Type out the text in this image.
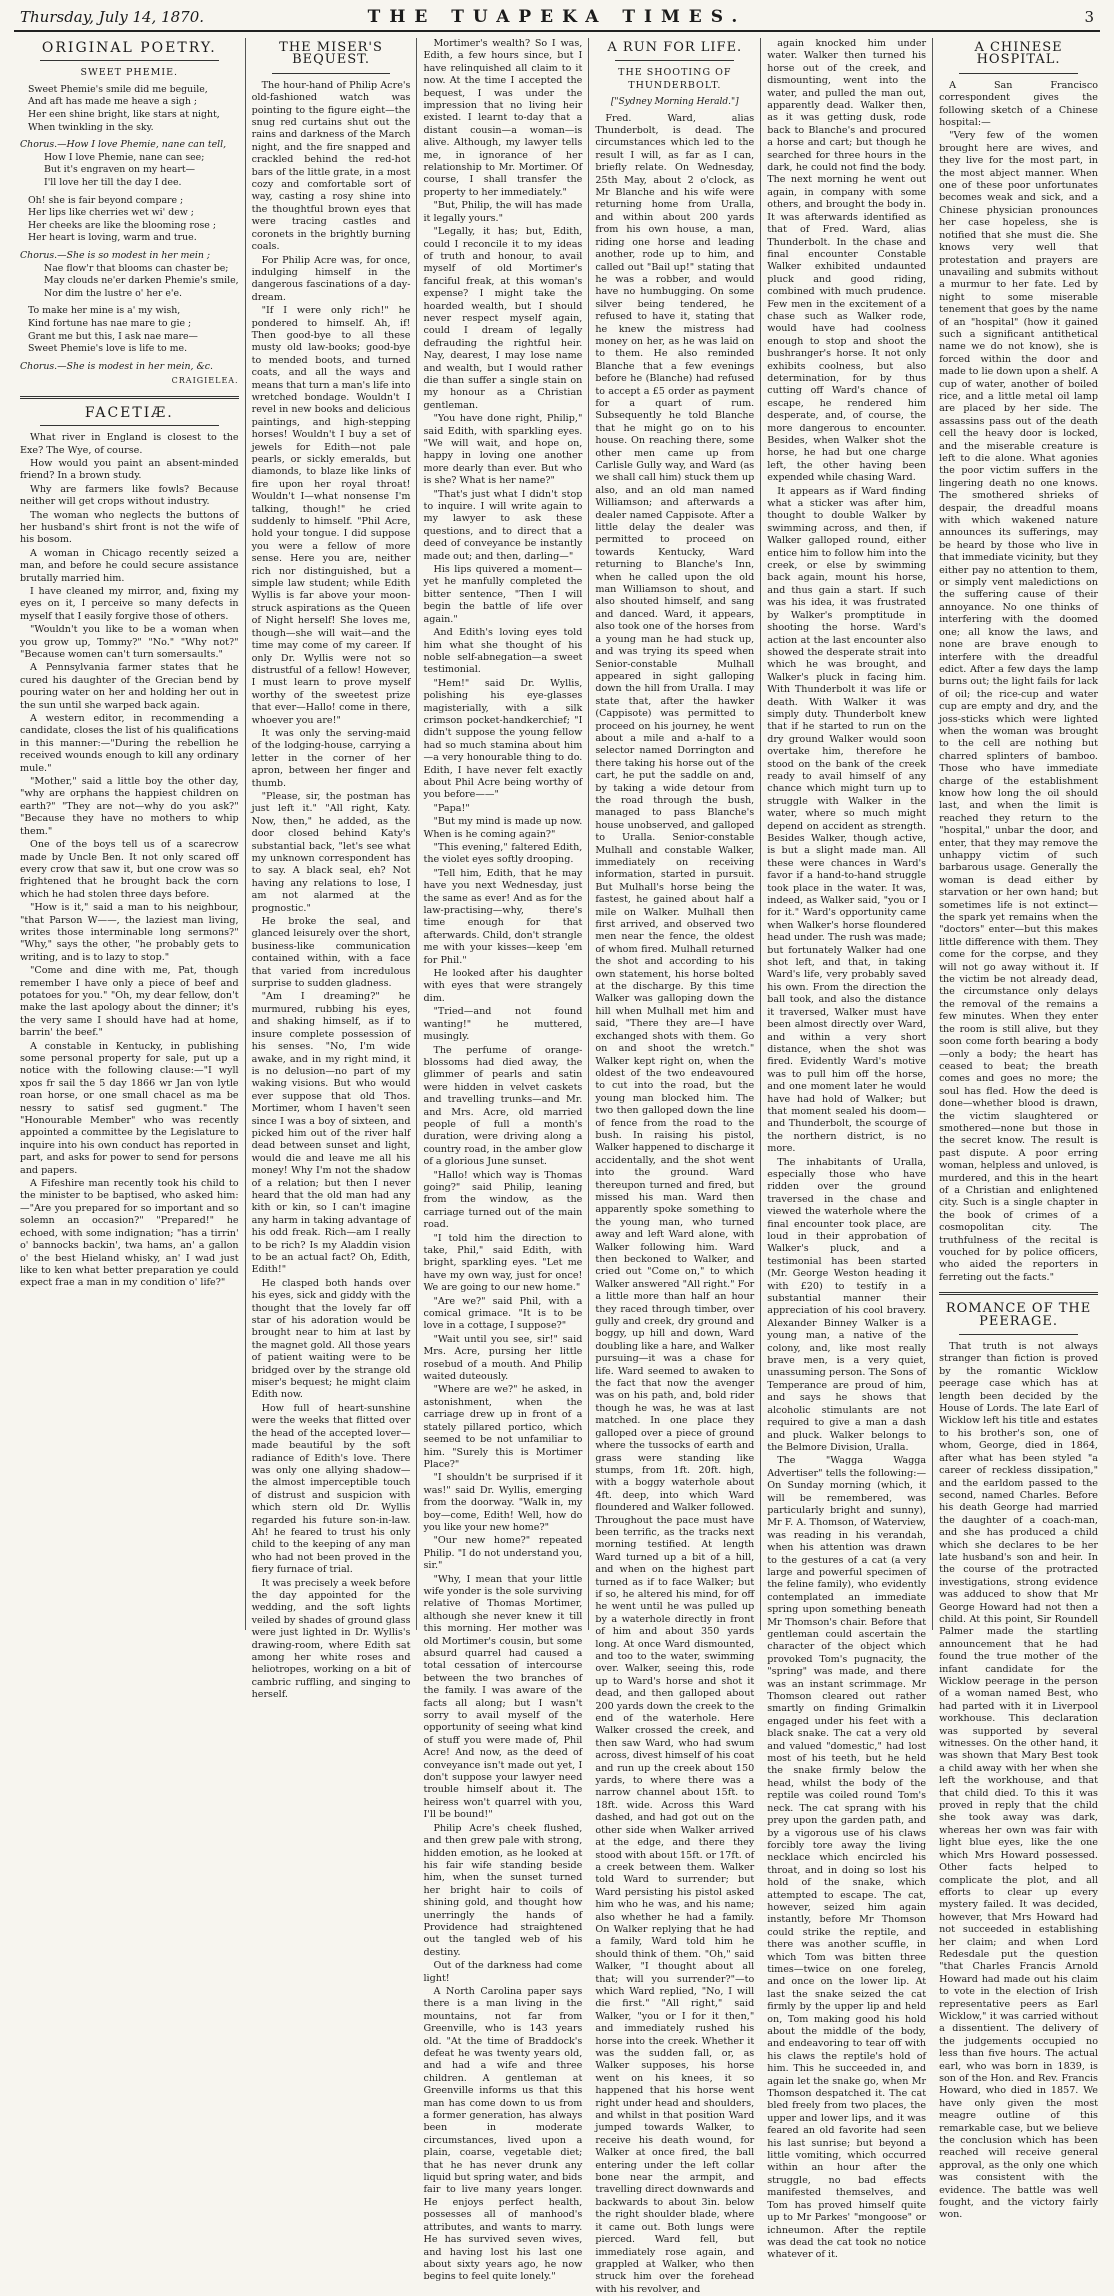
Thursday, July 14, 1870.	THE TUAPEKA TIMES.	3
ORIGINAL POETRY.
SWEET PHEMIE.
Sweet Phemie's smile did me beguile,
And aft has made me heave a sigh ;
Her een shine bright, like stars at night,
When twinkling in the sky.
Chorus.—How I love Phemie, nane can tell,
How I love Phemie, nane can see;
But it's engraven on my heart—
I'll love her till the day I dee.
Oh! she is fair beyond compare ;
Her lips like cherries wet wi' dew ;
Her cheeks are like the blooming rose ;
Her heart is loving, warm and true.
Chorus.—She is so modest in her mein ;
Nae flow'r that blooms can chaster be;
May clouds ne'er darken Phemie's smile,
Nor dim the lustre o' her e'e.
To make her mine is a' my wish,
Kind fortune has nae mare to gie ;
Grant me but this, I ask nae mare—
Sweet Phemie's love is life to me.
Chorus.—She is modest in her mein, &c.
CRAIGIELEA.
FACETIÆ.

What river in England is closest to the Exe? The Wye, of course.

How would you paint an absent-minded friend? In a brown study.

Why are farmers like fowls? Because neither will get crops without industry.

The woman who neglects the buttons of her husband's shirt front is not the wife of his bosom.

A woman in Chicago recently seized a man, and before he could secure assistance brutally married him.

I have cleaned my mirror, and, fixing my eyes on it, I perceive so many defects in myself that I easily forgive those of others.

"Wouldn't you like to be a woman when you grow up, Tommy?" "No." "Why not?" "Because women can't turn somersaults."

A Pennsylvania farmer states that he cured his daughter of the Grecian bend by pouring water on her and holding her out in the sun until she warped back again.

A western editor, in recommending a candidate, closes the list of his qualifications in this manner:—"During the rebellion he received wounds enough to kill any ordinary mule."

"Mother," said a little boy the other day, "why are orphans the happiest children on earth?" "They are not—why do you ask?" "Because they have no mothers to whip them."

One of the boys tell us of a scarecrow made by Uncle Ben. It not only scared off every crow that saw it, but one crow was so frightened that he brought back the corn which he had stolen three days before.

"How is it," said a man to his neighbour, "that Parson W——, the laziest man living, writes those interminable long sermons?" "Why," says the other, "he probably gets to writing, and is to lazy to stop."

"Come and dine with me, Pat, though remember I have only a piece of beef and potatoes for you." "Oh, my dear fellow, don't make the last apology about the dinner; it's the very same I should have had at home, barrin' the beef."

A constable in Kentucky, in publishing some personal property for sale, put up a notice with the following clause:—"I wyll xpos fr sail the 5 day 1866 wr Jan von lytle roan horse, or one small chacel as ma be nessry to satisf sed gugment." The "Honourable Member" who was recently appointed a committee by the Legislature to inquire into his own conduct has reported in part, and asks for power to send for persons and papers.

A Fifeshire man recently took his child to the minister to be baptised, who asked him:—"Are you prepared for so important and so solemn an occasion?" "Prepared!" he echoed, with some indignation; "has a tirrin' o' bannocks backin', twa hams, an' a gallon o' the best Hieland whisky, an' I wad just like to ken what better preparation ye could expect frae a man in my condition o' life?"

THE MISER'S BEQUEST.

The hour-hand of Philip Acre's old-fashioned watch was pointing to the figure eight—the snug red curtains shut out the rains and darkness of the March night, and the fire snapped and crackled behind the red-hot bars of the little grate, in a most cozy and comfortable sort of way, casting a rosy shine into the thoughtful brown eyes that were tracing castles and coronets in the brightly burning coals.

For Philip Acre was, for once, indulging himself in the dangerous fascinations of a day-dream.

"If I were only rich!" he pondered to himself. Ah, if! Then good-bye to all these musty old law-books; good-bye to mended boots, and turned coats, and all the ways and means that turn a man's life into wretched bondage. Wouldn't I revel in new books and delicious paintings, and high-stepping horses! Wouldn't I buy a set of jewels for Edith—not pale pearls, or sickly emeralds, but diamonds, to blaze like links of fire upon her royal throat! Wouldn't I—what nonsense I'm talking, though!" he cried suddenly to himself. "Phil Acre, hold your tongue. I did suppose you were a fellow of more sense. Here you are, neither rich nor distinguished, but a simple law student; while Edith Wyllis is far above your moon-struck aspirations as the Queen of Night herself! She loves me, though—she will wait—and the time may come of my career. If only Dr. Wyllis were not so distrustful of a fellow! However, I must learn to prove myself worthy of the sweetest prize that ever—Hallo! come in there, whoever you are!"

It was only the serving-maid of the lodging-house, carrying a letter in the corner of her apron, between her finger and thumb.

"Please, sir, the postman has just left it." "All right, Katy. Now, then," he added, as the door closed behind Katy's substantial back, "let's see what my unknown correspondent has to say. A black seal, eh? Not having any relations to lose, I am not alarmed at the prognostic."

He broke the seal, and glanced leisurely over the short, business-like communication contained within, with a face that varied from incredulous surprise to sudden gladness.

"Am I dreaming?" he murmured, rubbing his eyes, and shaking himself, as if to insure complete possession of his senses. "No, I'm wide awake, and in my right mind, it is no delusion—no part of my waking visions. But who would ever suppose that old Thos. Mortimer, whom I haven't seen since I was a boy of sixteen, and picked him out of the river half dead between sunset and light, would die and leave me all his money! Why I'm not the shadow of a relation; but then I never heard that the old man had any kith or kin, so I can't imagine any harm in taking advantage of his odd freak. Rich—am I really to be rich? Is my Aladdin vision to be an actual fact? Oh, Edith, Edith!"

He clasped both hands over his eyes, sick and giddy with the thought that the lovely far off star of his adoration would be brought near to him at last by the magnet gold. All those years of patient waiting were to be bridged over by the strange old miser's bequest; he might claim Edith now.

How full of heart-sunshine were the weeks that flitted over the head of the accepted lover—made beautiful by the soft radiance of Edith's love. There was only one allying shadow—the almost imperceptible touch of distrust and suspicion with which stern old Dr. Wyllis regarded his future son-in-law. Ah! he feared to trust his only child to the keeping of any man who had not been proved in the fiery furnace of trial.

It was precisely a week before the day appointed for the wedding, and the soft lights veiled by shades of ground glass were just lighted in Dr. Wyllis's drawing-room, where Edith sat among her white roses and heliotropes, working on a bit of cambric ruffling, and singing to herself.

Mortimer's wealth? So I was, Edith, a few hours since, but I have relinquished all claim to it now. At the time I accepted the bequest, I was under the impression that no living heir existed. I learnt to-day that a distant cousin—a woman—is alive. Although, my lawyer tells me, in ignorance of her relationship to Mr. Mortimer. Of course, I shall transfer the property to her immediately."

"But, Philip, the will has made it legally yours."

"Legally, it has; but, Edith, could I reconcile it to my ideas of truth and honour, to avail myself of old Mortimer's fanciful freak, at this woman's expense? I might take the hoarded wealth, but I should never respect myself again, could I dream of legally defrauding the rightful heir. Nay, dearest, I may lose name and wealth, but I would rather die than suffer a single stain on my honour as a Christian gentleman.

"You have done right, Philip," said Edith, with sparkling eyes. "We will wait, and hope on, happy in loving one another more dearly than ever. But who is she? What is her name?"

"That's just what I didn't stop to inquire. I will write again to my lawyer to ask these questions, and to direct that a deed of conveyance be instantly made out; and then, darling—"

His lips quivered a moment—yet he manfully completed the bitter sentence, "Then I will begin the battle of life over again."

And Edith's loving eyes told him what she thought of his noble self-abnegation—a sweet testimonial.

"Hem!" said Dr. Wyllis, polishing his eye-glasses magisterially, with a silk crimson pocket-handkerchief; "I didn't suppose the young fellow had so much stamina about him—a very honourable thing to do. Edith, I have never felt exactly about Phil Acre being worthy of you before——"

"Papa!"

"But my mind is made up now. When is he coming again?"

"This evening," faltered Edith, the violet eyes softly drooping.

"Tell him, Edith, that he may have you next Wednesday, just the same as ever! And as for the law-practising—why, there's time enough for that afterwards. Child, don't strangle me with your kisses—keep 'em for Phil."

He looked after his daughter with eyes that were strangely dim.

"Tried—and not found wanting!" he muttered, musingly.

The perfume of orange-blossoms had died away, the glimmer of pearls and satin were hidden in velvet caskets and travelling trunks—and Mr. and Mrs. Acre, old married people of full a month's duration, were driving along a country road, in the amber glow of a glorious June sunset.

"Hallo! which way is Thomas going?" said Philip, leaning from the window, as the carriage turned out of the main road.

"I told him the direction to take, Phil," said Edith, with bright, sparkling eyes. "Let me have my own way, just for once! We are going to our new home."

"Are we?" said Phil, with a comical grimace. "It is to be love in a cottage, I suppose?"

"Wait until you see, sir!" said Mrs. Acre, pursing her little rosebud of a mouth. And Philip waited duteously.

"Where are we?" he asked, in astonishment, when the carriage drew up in front of a stately pillared portico, which seemed to be not unfamiliar to him. "Surely this is Mortimer Place?"

"I shouldn't be surprised if it was!" said Dr. Wyllis, emerging from the doorway. "Walk in, my boy—come, Edith! Well, how do you like your new home?"

"Our new home?" repeated Philip. "I do not understand you, sir."

"Why, I mean that your little wife yonder is the sole surviving relative of Thomas Mortimer, although she never knew it till this morning. Her mother was old Mortimer's cousin, but some absurd quarrel had caused a total cessation of intercourse between the two branches of the family. I was aware of the facts all along; but I wasn't sorry to avail myself of the opportunity of seeing what kind of stuff you were made of, Phil Acre! And now, as the deed of conveyance isn't made out yet, I don't suppose your lawyer need trouble himself about it. The heiress won't quarrel with you, I'll be bound!"

Philip Acre's cheek flushed, and then grew pale with strong, hidden emotion, as he looked at his fair wife standing beside him, when the sunset turned her bright hair to coils of shining gold, and thought how unerringly the hands of Providence had straightened out the tangled web of his destiny.

Out of the darkness had come light!

A North Carolina paper says there is a man living in the mountains, not far from Greenville, who is 143 years old. "At the time of Braddock's defeat he was twenty years old, and had a wife and three children. A gentleman at Greenville informs us that this man has come down to us from a former generation, has always been in moderate circumstances, lived upon a plain, coarse, vegetable diet; that he has never drunk any liquid but spring water, and bids fair to live many years longer. He enjoys perfect health, possesses all of manhood's attributes, and wants to marry. He has survived seven wives, and having lost his last one about sixty years ago, he now begins to feel quite lonely."

A RUN FOR LIFE.
THE SHOOTING OF THUNDERBOLT.
["Sydney Morning Herald."]

Fred. Ward, alias Thunderbolt, is dead. The circumstances which led to the result I will, as far as I can, briefly relate. On Wednesday, 25th May, about 2 o'clock, as Mr Blanche and his wife were returning home from Uralla, and within about 200 yards from his own house, a man, riding one horse and leading another, rode up to him, and called out "Bail up!" stating that he was a robber, and would have no humbugging. On some silver being tendered, he refused to have it, stating that he knew the mistress had money on her, as he was laid on to them. He also reminded Blanche that a few evenings before he (Blanche) had refused to accept a £5 order as payment for a quart of rum. Subsequently he told Blanche that he might go on to his house. On reaching there, some other men came up from Carlisle Gully way, and Ward (as we shall call him) stuck them up also, and an old man named Williamson; and afterwards a dealer named Cappisote. After a little delay the dealer was permitted to proceed on towards Kentucky, Ward returning to Blanche's Inn, when he called upon the old man Williamson to shout, and also shouted himself, and sang and danced. Ward, it appears, also took one of the horses from a young man he had stuck up, and was trying its speed when Senior-constable Mulhall appeared in sight galloping down the hill from Uralla. I may state that, after the hawker (Cappisote) was permitted to proceed on his journey, he went about a mile and a-half to a selector named Dorrington and there taking his horse out of the cart, he put the saddle on and, by taking a wide detour from the road through the bush, managed to pass Blanche's house unobserved, and galloped to Uralla. Senior-constable Mulhall and constable Walker, immediately on receiving information, started in pursuit. But Mulhall's horse being the fastest, he gained about half a mile on Walker. Mulhall then first arrived, and observed two men near the fence, the oldest of whom fired. Mulhall returned the shot and according to his own statement, his horse bolted at the discharge. By this time Walker was galloping down the hill when Mulhall met him and said, "There they are—I have exchanged shots with them. Go on and shoot the wretch." Walker kept right on, when the oldest of the two endeavoured to cut into the road, but the young man blocked him. The two then galloped down the line of fence from the road to the bush. In raising his pistol, Walker happened to discharge it accidentally, and the shot went into the ground. Ward thereupon turned and fired, but missed his man. Ward then apparently spoke something to the young man, who turned away and left Ward alone, with Walker following him. Ward then beckoned to Walker, and cried out "Come on," to which Walker answered "All right." For a little more than half an hour they raced through timber, over gully and creek, dry ground and boggy, up hill and down, Ward doubling like a hare, and Walker pursuing—it was a chase for life. Ward seemed to awaken to the fact that now the avenger was on his path, and, bold rider though he was, he was at last matched. In one place they galloped over a piece of ground where the tussocks of earth and grass were standing like stumps, from 1ft. 20ft. high, with a boggy waterhole about 4ft. deep, into which Ward floundered and Walker followed. Throughout the pace must have been terrific, as the tracks next morning testified. At length Ward turned up a bit of a hill, and when on the highest part turned as if to face Walker; but if so, he altered his mind, for off he went until he was pulled up by a waterhole directly in front of him and about 350 yards long. At once Ward dismounted, and too to the water, swimming over. Walker, seeing this, rode up to Ward's horse and shot it dead, and then galloped about 200 yards down the creek to the end of the waterhole. Here Walker crossed the creek, and then saw Ward, who had swum across, divest himself of his coat and run up the creek about 150 yards, to where there was a narrow channel about 15ft. to 18ft. wide. Across this Ward dashed, and had got out on the other side when Walker arrived at the edge, and there they stood with about 15ft. or 17ft. of a creek between them. Walker told Ward to surrender; but Ward persisting his pistol asked him who he was, and his name; also whether he had a family. On Walker replying that he had a family, Ward told him he should think of them. "Oh," said Walker, "I thought about all that; will you surrender?"—to which Ward replied, "No, I will die first." "All right," said Walker, "you or I for it then," and immediately rushed his horse into the creek. Whether it was the sudden fall, or, as Walker supposes, his horse went on his knees, it so happened that his horse went right under head and shoulders, and whilst in that position Ward jumped towards Walker, to receive his death wound, for Walker at once fired, the ball entering under the left collar bone near the armpit, and travelling direct downwards and backwards to about 3in. below the right shoulder blade, where it came out. Both lungs were pierced. Ward fell, but immediately rose again, and grappled at Walker, who then struck him over the forehead with his revolver, and

again knocked him under water. Walker then turned his horse out of the creek, and dismounting, went into the water, and pulled the man out, apparently dead. Walker then, as it was getting dusk, rode back to Blanche's and procured a horse and cart; but though he searched for three hours in the dark, he could not find the body. The next morning he went out again, in company with some others, and brought the body in. It was afterwards identified as that of Fred. Ward, alias Thunderbolt. In the chase and final encounter Constable Walker exhibited undaunted pluck and good riding, combined with much prudence. Few men in the excitement of a chase such as Walker rode, would have had coolness enough to stop and shoot the bushranger's horse. It not only exhibits coolness, but also determination, for by thus cutting off Ward's chance of escape, he rendered him desperate, and, of course, the more dangerous to encounter. Besides, when Walker shot the horse, he had but one charge left, the other having been expended while chasing Ward.

It appears as if Ward finding what a sticker was after him, thought to double Walker by swimming across, and then, if Walker galloped round, either entice him to follow him into the creek, or else by swimming back again, mount his horse, and thus gain a start. If such was his idea, it was frustrated by Walker's promptitude in shooting the horse. Ward's action at the last encounter also showed the desperate strait into which he was brought, and Walker's pluck in facing him. With Thunderbolt it was life or death. With Walker it was simply duty. Thunderbolt knew that if he started to run on the dry ground Walker would soon overtake him, therefore he stood on the bank of the creek ready to avail himself of any chance which might turn up to struggle with Walker in the water, where so much might depend on accident as strength. Besides Walker, though active, is but a slight made man. All these were chances in Ward's favor if a hand-to-hand struggle took place in the water. It was, indeed, as Walker said, "you or I for it." Ward's opportunity came when Walker's horse floundered head under. The rush was made; but fortunately Walker had one shot left, and that, in taking Ward's life, very probably saved his own. From the direction the ball took, and also the distance it traversed, Walker must have been almost directly over Ward, and within a very short distance, when the shot was fired. Evidently Ward's motive was to pull him off the horse, and one moment later he would have had hold of Walker; but that moment sealed his doom—and Thunderbolt, the scourge of the northern district, is no more.

The inhabitants of Uralla, especially those who have ridden over the ground traversed in the chase and viewed the waterhole where the final encounter took place, are loud in their approbation of Walker's pluck, and a testimonial has been started (Mr. George Weston heading it with £20) to testify in a substantial manner their appreciation of his cool bravery. Alexander Binney Walker is a young man, a native of the colony, and, like most really brave men, is a very quiet, unassuming person. The Sons of Temperance are proud of him, and says he shows that alcoholic stimulants are not required to give a man a dash and pluck. Walker belongs to the Belmore Division, Uralla.

The "Wagga Wagga Advertiser" tells the following:—On Sunday morning (which, it will be remembered, was particularly bright and sunny), Mr F. A. Thomson, of Waterview, was reading in his verandah, when his attention was drawn to the gestures of a cat (a very large and powerful specimen of the feline family), who evidently contemplated an immediate spring upon something beneath Mr Thomson's chair. Before that gentleman could ascertain the character of the object which provoked Tom's pugnacity, the "spring" was made, and there was an instant scrimmage. Mr Thomson cleared out rather smartly on finding Grimalkin engaged under his feet with a black snake. The cat a very old and valued "domestic," had lost most of his teeth, but he held the snake firmly below the head, whilst the body of the reptile was coiled round Tom's neck. The cat sprang with his prey upon the garden path, and by a vigorous use of his claws forcibly tore away the living necklace which encircled his throat, and in doing so lost his hold of the snake, which attempted to escape. The cat, however, seized him again instantly, before Mr Thomson could strike the reptile, and there was another scuffle, in which Tom was bitten three times—twice on one foreleg, and once on the lower lip. At last the snake seized the cat firmly by the upper lip and held on, Tom making good his hold about the middle of the body, and endeavoring to tear off with his claws the reptile's hold of him. This he succeeded in, and again let the snake go, when Mr Thomson despatched it. The cat bled freely from two places, the upper and lower lips, and it was feared an old favorite had seen his last sunrise; but beyond a little vomiting, which occurred within an hour after the struggle, no bad effects manifested themselves, and Tom has proved himself quite up to Mr Parkes' "mongoose" or ichneumon. After the reptile was dead the cat took no notice whatever of it.

A CHINESE HOSPITAL.

A San Francisco correspondent gives the following sketch of a Chinese hospital:—

"Very few of the women brought here are wives, and they live for the most part, in the most abject manner. When one of these poor unfortunates becomes weak and sick, and a Chinese physician pronounces her case hopeless, she is notified that she must die. She knows very well that protestation and prayers are unavailing and submits without a murmur to her fate. Led by night to some miserable tenement that goes by the name of an "hospital" (how it gained such a significant antithetical name we do not know), she is forced within the door and made to lie down upon a shelf. A cup of water, another of boiled rice, and a little metal oil lamp are placed by her side. The assassins pass out of the death cell the heavy door is locked, and the miserable creature is left to die alone. What agonies the poor victim suffers in the lingering death no one knows. The smothered shrieks of despair, the dreadful moans with which wakened nature announces its sufferings, may be heard by those who live in that immediate vicinity, but they either pay no attention to them, or simply vent maledictions on the suffering cause of their annoyance. No one thinks of interfering with the doomed one; all know the laws, and none are brave enough to interfere with the dreadful edict. After a few days the lamp burns out; the light fails for lack of oil; the rice-cup and water cup are empty and dry, and the joss-sticks which were lighted when the woman was brought to the cell are nothing but charred splinters of bamboo. Those who have immediate charge of the establishment know how long the oil should last, and when the limit is reached they return to the "hospital," unbar the door, and enter, that they may remove the unhappy victim of such barbarous usage. Generally the woman is dead either by starvation or her own hand; but sometimes life is not extinct—the spark yet remains when the "doctors" enter—but this makes little difference with them. They come for the corpse, and they will not go away without it. If the victim be not already dead, the circumstance only delays the removal of the remains a few minutes. When they enter the room is still alive, but they soon come forth bearing a body—only a body; the heart has ceased to beat; the breath comes and goes no more; the soul has fled. How the deed is done—whether blood is drawn, the victim slaughtered or smothered—none but those in the secret know. The result is past dispute. A poor erring woman, helpless and unloved, is murdered, and this in the heart of a Christian and enlightened city. Such is a single chapter in the book of crimes of a cosmopolitan city. The truthfulness of the recital is vouched for by police officers, who aided the reporters in ferreting out the facts."

ROMANCE OF THE PEERAGE.

That truth is not always stranger than fiction is proved by the romantic Wicklow peerage case which has at length been decided by the House of Lords. The late Earl of Wicklow left his title and estates to his brother's son, one of whom, George, died in 1864, after what has been styled "a career of reckless dissipation," and the earldom passed to the second, named Charles. Before his death George had married the daughter of a coach-man, and she has produced a child which she declares to be her late husband's son and heir. In the course of the protracted investigations, strong evidence was adduced to show that Mr George Howard had not then a child. At this point, Sir Roundell Palmer made the startling announcement that he had found the true mother of the infant candidate for the Wicklow peerage in the person of a woman named Best, who had parted with it in Liverpool workhouse. This declaration was supported by several witnesses. On the other hand, it was shown that Mary Best took a child away with her when she left the workhouse, and that that child died. To this it was proved in reply that the child she took away was dark, whereas her own was fair with light blue eyes, like the one which Mrs Howard possessed. Other facts helped to complicate the plot, and all efforts to clear up every mystery failed. It was decided, however, that Mrs Howard had not succeeded in establishing her claim; and when Lord Redesdale put the question "that Charles Francis Arnold Howard had made out his claim to vote in the election of Irish representative peers as Earl Wicklow," it was carried without a dissentient. The delivery of the judgements occupied no less than five hours. The actual earl, who was born in 1839, is son of the Hon. and Rev. Francis Howard, who died in 1857. We have only given the most meagre outline of this remarkable case, but we believe the conclusion which has been reached will receive general approval, as the only one which was consistent with the evidence. The battle was well fought, and the victory fairly won.
